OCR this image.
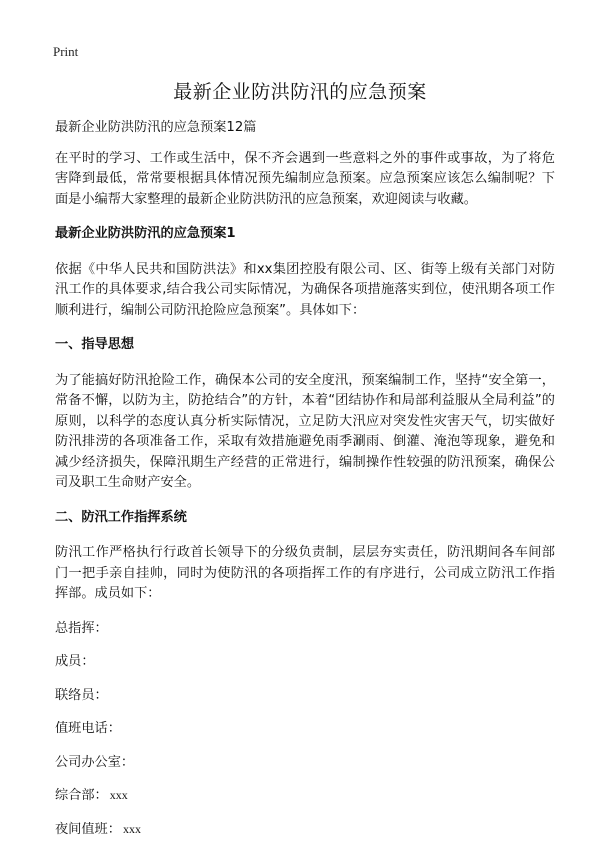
Print
最新企业防洪防汛的应急预案

最新企业防洪防汛的应急预案12篇

在平时的学习、工作或生活中，保不齐会遇到一些意料之外的事件或事故，为了将危害降到最低，常常要根据具体情况预先编制应急预案。应急预案应该怎么编制呢？下面是小编帮大家整理的最新企业防洪防汛的应急预案，欢迎阅读与收藏。

最新企业防洪防汛的应急预案1

依据《中华人民共和国防洪法》和xx集团控股有限公司、区、街等上级有关部门对防汛工作的具体要求,结合我公司实际情况，为确保各项措施落实到位，使汛期各项工作顺利进行，编制公司防汛抢险应急预案”。具体如下：

一、指导思想

为了能搞好防汛抢险工作，确保本公司的安全度汛，预案编制工作，坚持“安全第一，常备不懈，以防为主，防抢结合”的方针，本着“团结协作和局部利益服从全局利益”的原则，以科学的态度认真分析实际情况，立足防大汛应对突发性灾害天气，切实做好防汛排涝的各项准备工作，采取有效措施避免雨季涮雨、倒灌、淹泡等现象，避免和减少经济损失，保障汛期生产经营的正常进行，编制操作性较强的防汛预案，确保公司及职工生命财产安全。

二、防汛工作指挥系统

防汛工作严格执行行政首长领导下的分级负责制，层层夯实责任，防汛期间各车间部门一把手亲自挂帅，同时为使防汛的各项指挥工作的有序进行，公司成立防汛工作指挥部。成员如下：

总指挥：

成员：

联络员：

值班电话：

公司办公室：

综合部： xxx

夜间值班： xxx
